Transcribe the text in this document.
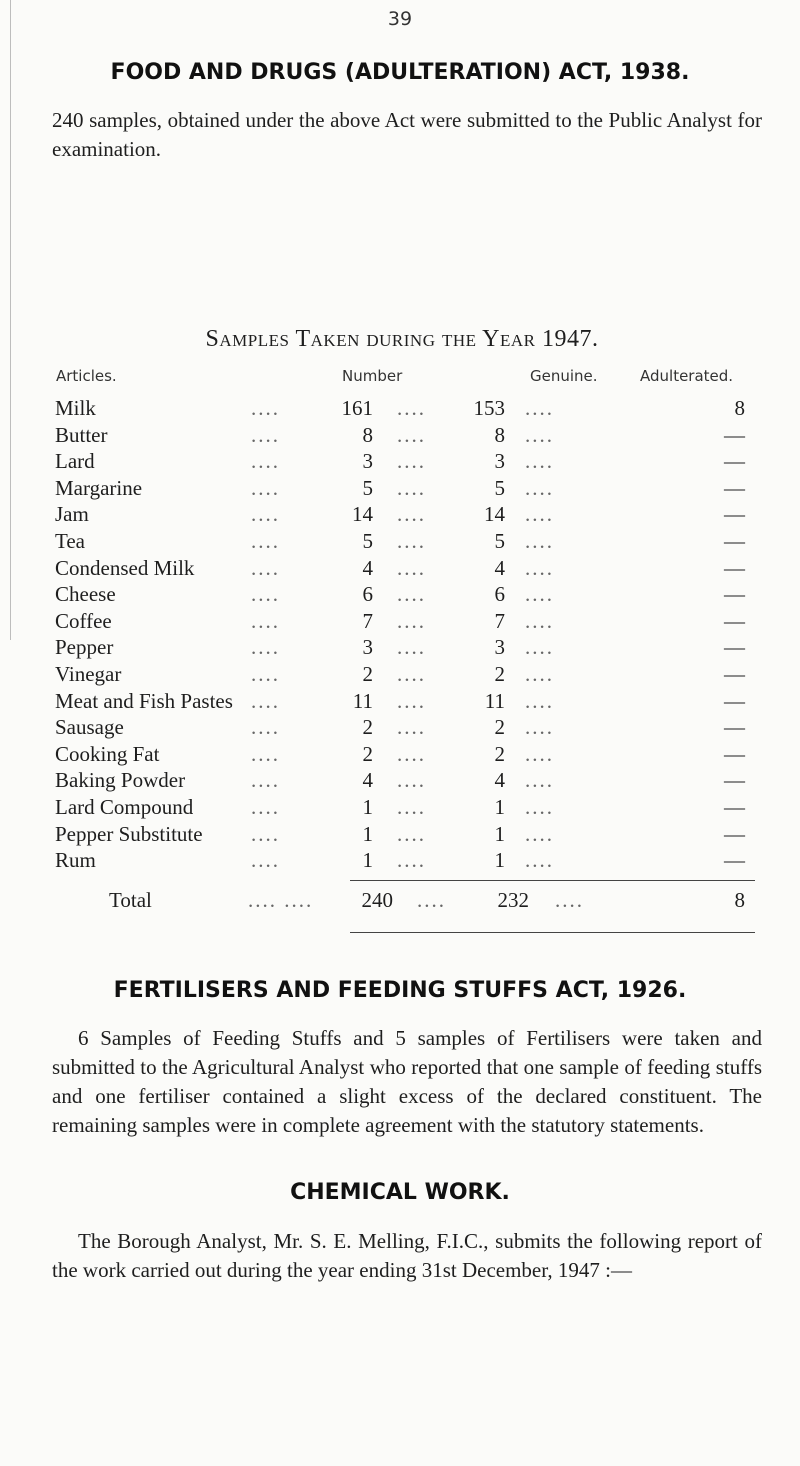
39
FOOD AND DRUGS (ADULTERATION) ACT, 1938.
240 samples, obtained under the above Act were submitted to the Public Analyst for examination.
Samples Taken during the Year 1947.
Articles.	Number	Genuine.	Adulterated.
Milk	....	161 ....	153 ....	8
Butter	....	8 ....	8 ....	—
Lard	....	3 ....	3 ....	—
Margarine	....	5 ....	5 ....	—
Jam	....	14 ....	14 ....	—
Tea	....	5 ....	5 ....	—
Condensed Milk	....	4 ....	4 ....	—
Cheese	....	6 ....	6 ....	—
Coffee	....	7 ....	7 ....	—
Pepper	....	3 ....	3 ....	—
Vinegar	....	2 ....	2 ....	—
Meat and Fish Pastes ....	11 ....	11 ....	—
Sausage	....	2 ....	2 ....	—
Cooking Fat	....	2 ....	2 ....	—
Baking Powder	....	4 ....	4 ....	—
Lard Compound	....	1 ....	1 ....	—
Pepper Substitute ....	1 ....	1 ....	—
Rum	....	1 ....	1 ....	—
Total	.... ....	240 ....	232 ....	8
FERTILISERS AND FEEDING STUFFS ACT, 1926.
6 Samples of Feeding Stuffs and 5 samples of Fertilisers were taken and submitted to the Agricultural Analyst who reported that one sample of feeding stuffs and one fertiliser contained a slight excess of the declared constituent. The remaining samples were in complete agreement with the statutory statements.
CHEMICAL WORK.
The Borough Analyst, Mr. S. E. Melling, F.I.C., submits the following report of the work carried out during the year ending 31st December, 1947 :—
